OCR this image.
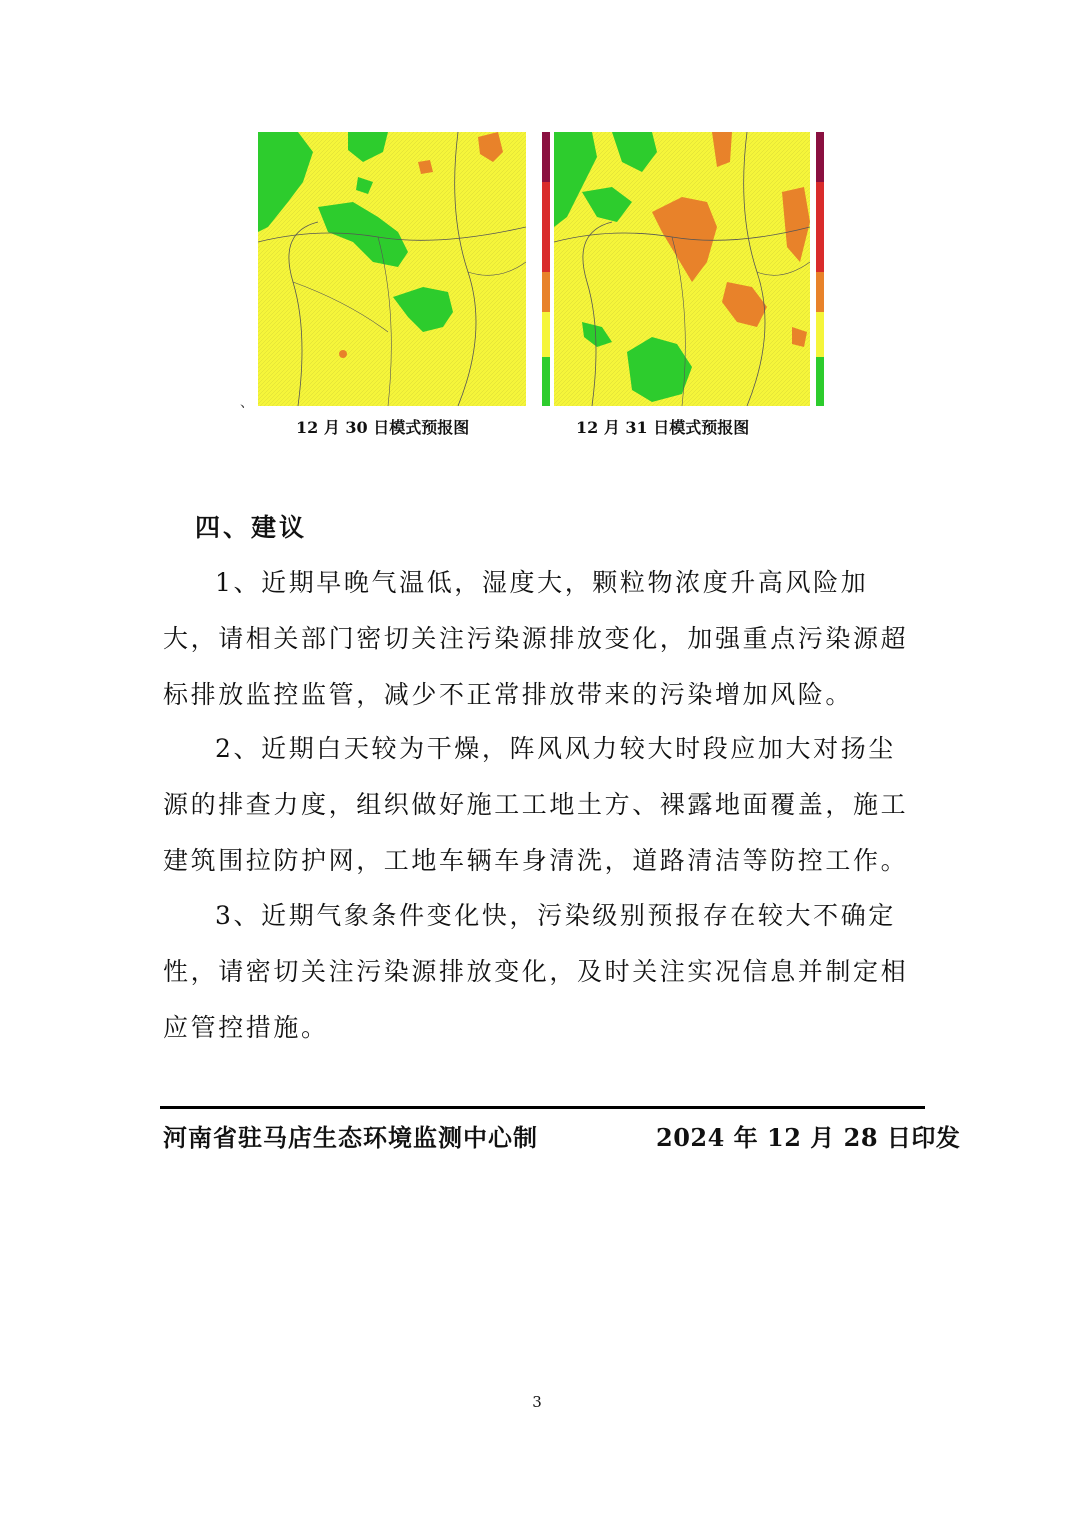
、
12 月 30 日模式预报图	12 月 31 日模式预报图
四、建议

1、近期早晚气温低，湿度大，颗粒物浓度升高风险加大，请相关部门密切关注污染源排放变化，加强重点污染源超标排放监控监管，减少不正常排放带来的污染增加风险。

2、近期白天较为干燥，阵风风力较大时段应加大对扬尘源的排查力度，组织做好施工工地土方、裸露地面覆盖，施工建筑围拉防护网，工地车辆车身清洗，道路清洁等防控工作。

3、近期气象条件变化快，污染级别预报存在较大不确定性，请密切关注污染源排放变化，及时关注实况信息并制定相应管控措施。

河南省驻马店生态环境监测中心制	2024 年 12 月 28 日印发
3
